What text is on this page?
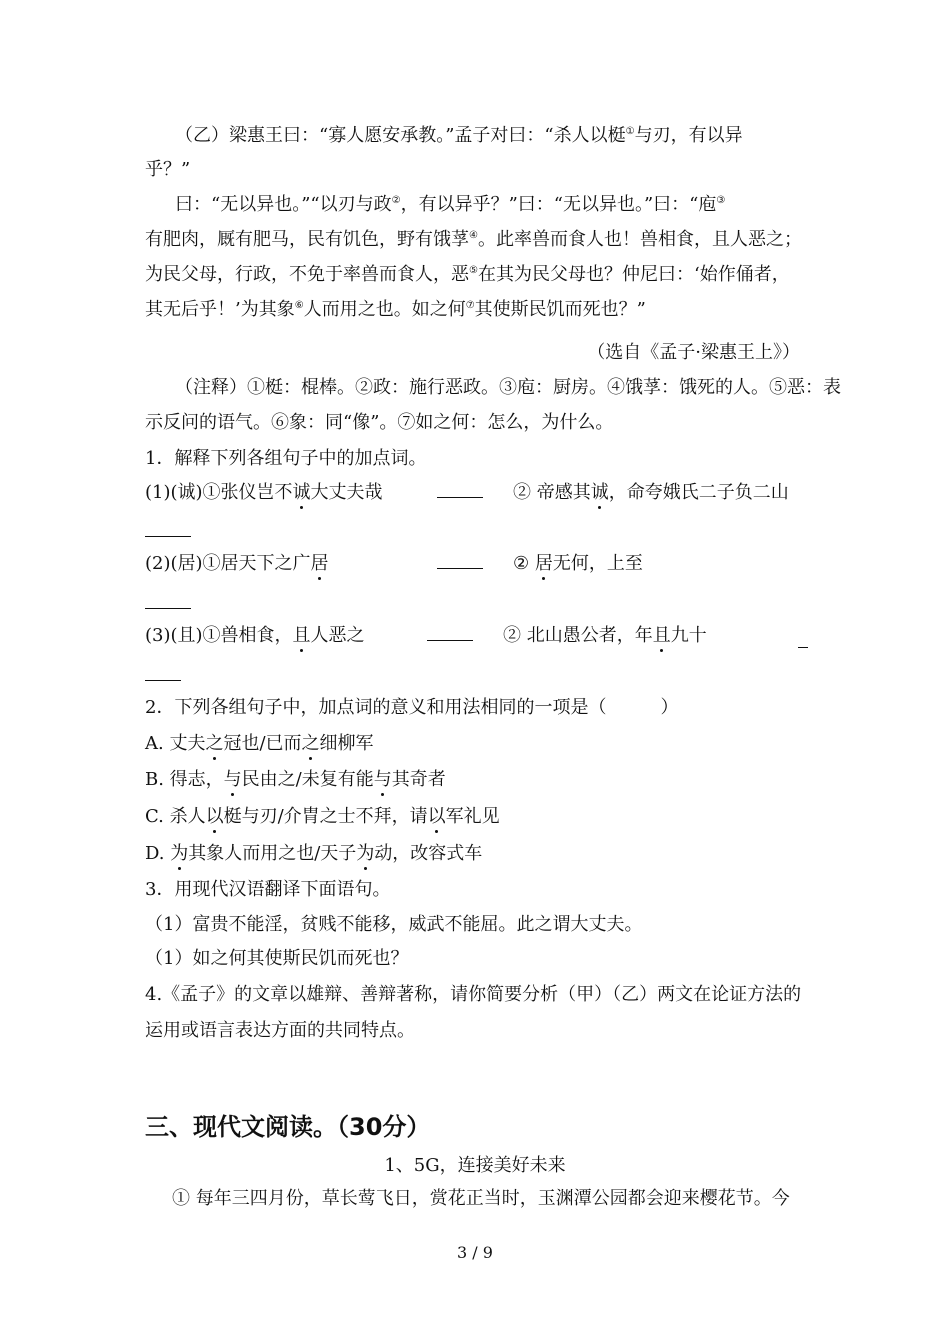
（乙）梁惠王曰：“寡人愿安承教。”孟子对曰：“杀人以梃①与刃，有以异
乎？”
曰：“无以异也。”“以刃与政②，有以异乎？”曰：“无以异也。”曰：“庖③
有肥肉，厩有肥马，民有饥色，野有饿莩④。此率兽而食人也！兽相食，且人恶之；
为民父母，行政，不免于率兽而食人，恶⑤在其为民父母也？仲尼曰：‘始作俑者，
其无后乎！’为其象⑥人而用之也。如之何⑦其使斯民饥而死也？”
（选自《孟子·梁惠王上》）
（注释）①梃：棍棒。②政：施行恶政。③庖：厨房。④饿莩：饿死的人。⑤恶：表
示反问的语气。⑥象：同“像”。⑦如之何：怎么，为什么。
1．解释下列各组句子中的加点词。
(1)(诚)①张仪岂不诚大丈夫哉	② 帝感其诚，命夸娥氏二子负二山
(2)(居)①居天下之广居	② 居无何，上至
(3)(且)①兽相食，且人恶之	② 北山愚公者，年且九十
2．下列各组句子中，加点词的意义和用法相同的一项是（　　　）
A. 丈夫之冠也/已而之细柳军
B. 得志，与民由之/未复有能与其奇者
C. 杀人以梃与刃/介胄之士不拜，请以军礼见
D. 为其象人而用之也/天子为动，改容式车
3．用现代汉语翻译下面语句。
（1）富贵不能淫，贫贱不能移，威武不能屈。此之谓大丈夫。
（1）如之何其使斯民饥而死也？
4.《孟子》的文章以雄辩、善辩著称，请你简要分析（甲）（乙）两文在论证方法的
运用或语言表达方面的共同特点。
三、现代文阅读。（30分）
1、5G，连接美好未来
① 每年三四月份，草长莺飞日，赏花正当时，玉渊潭公园都会迎来樱花节。今
3 / 9
